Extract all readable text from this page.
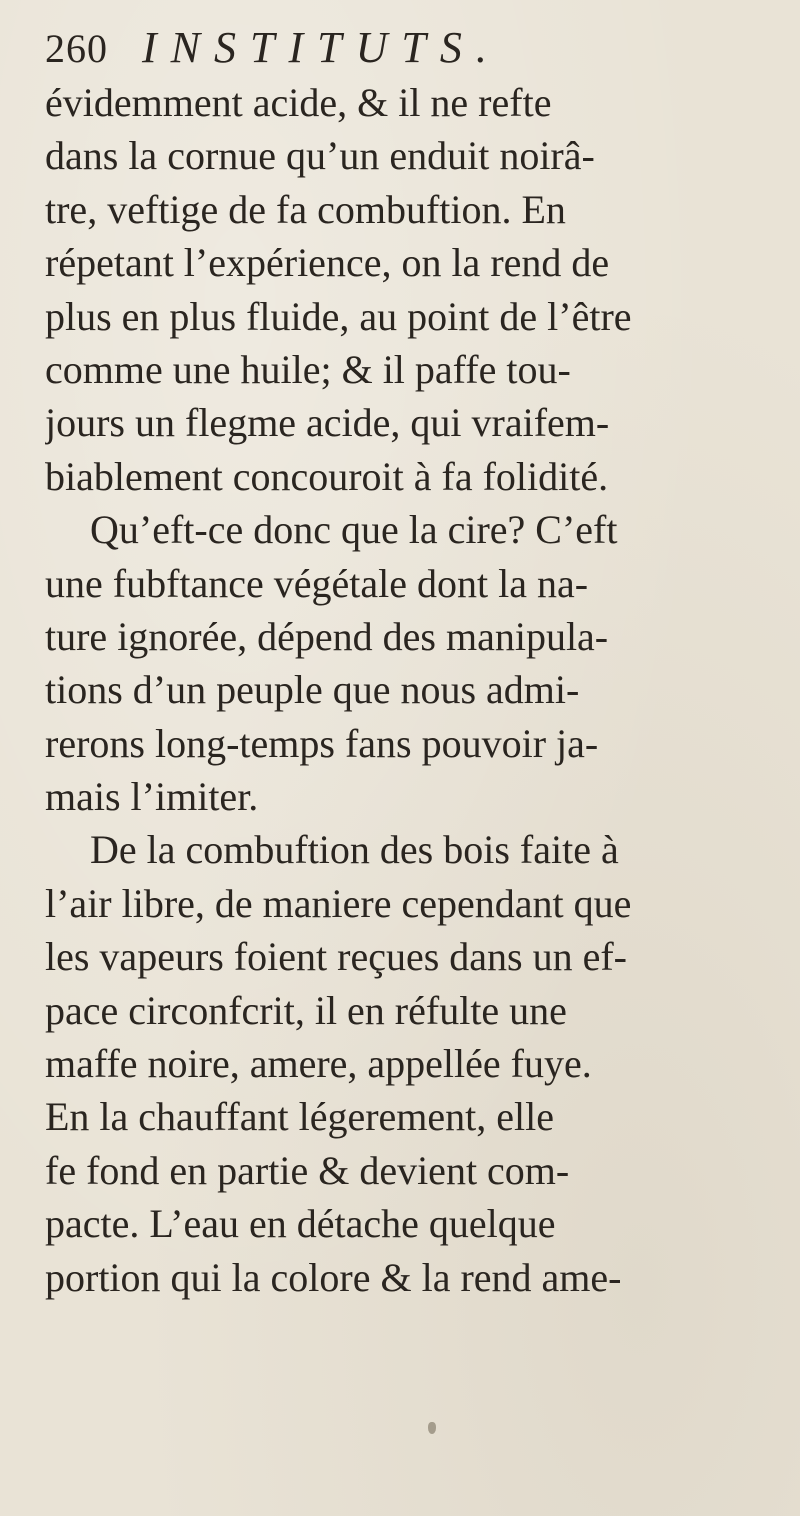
260 INSTITUTS.
évidemment acide, & il ne refte
dans la cornue qu’un enduit noirâ-
tre, veftige de fa combuftion. En
répetant l’expérience, on la rend de
plus en plus fluide, au point de l’être
comme une huile; & il paffe tou-
jours un flegme acide, qui vraifem-
biablement concouroit à fa folidité.
Qu’eft-ce donc que la cire? C’eft
une fubftance végétale dont la na-
ture ignorée, dépend des manipula-
tions d’un peuple que nous admi-
rerons long-temps fans pouvoir ja-
mais l’imiter.
De la combuftion des bois faite à
l’air libre, de maniere cependant que
les vapeurs foient reçues dans un ef-
pace circonfcrit, il en réfulte une
maffe noire, amere, appellée fuye.
En la chauffant légerement, elle
fe fond en partie & devient com-
pacte. L’eau en détache quelque
portion qui la colore & la rend ame-
